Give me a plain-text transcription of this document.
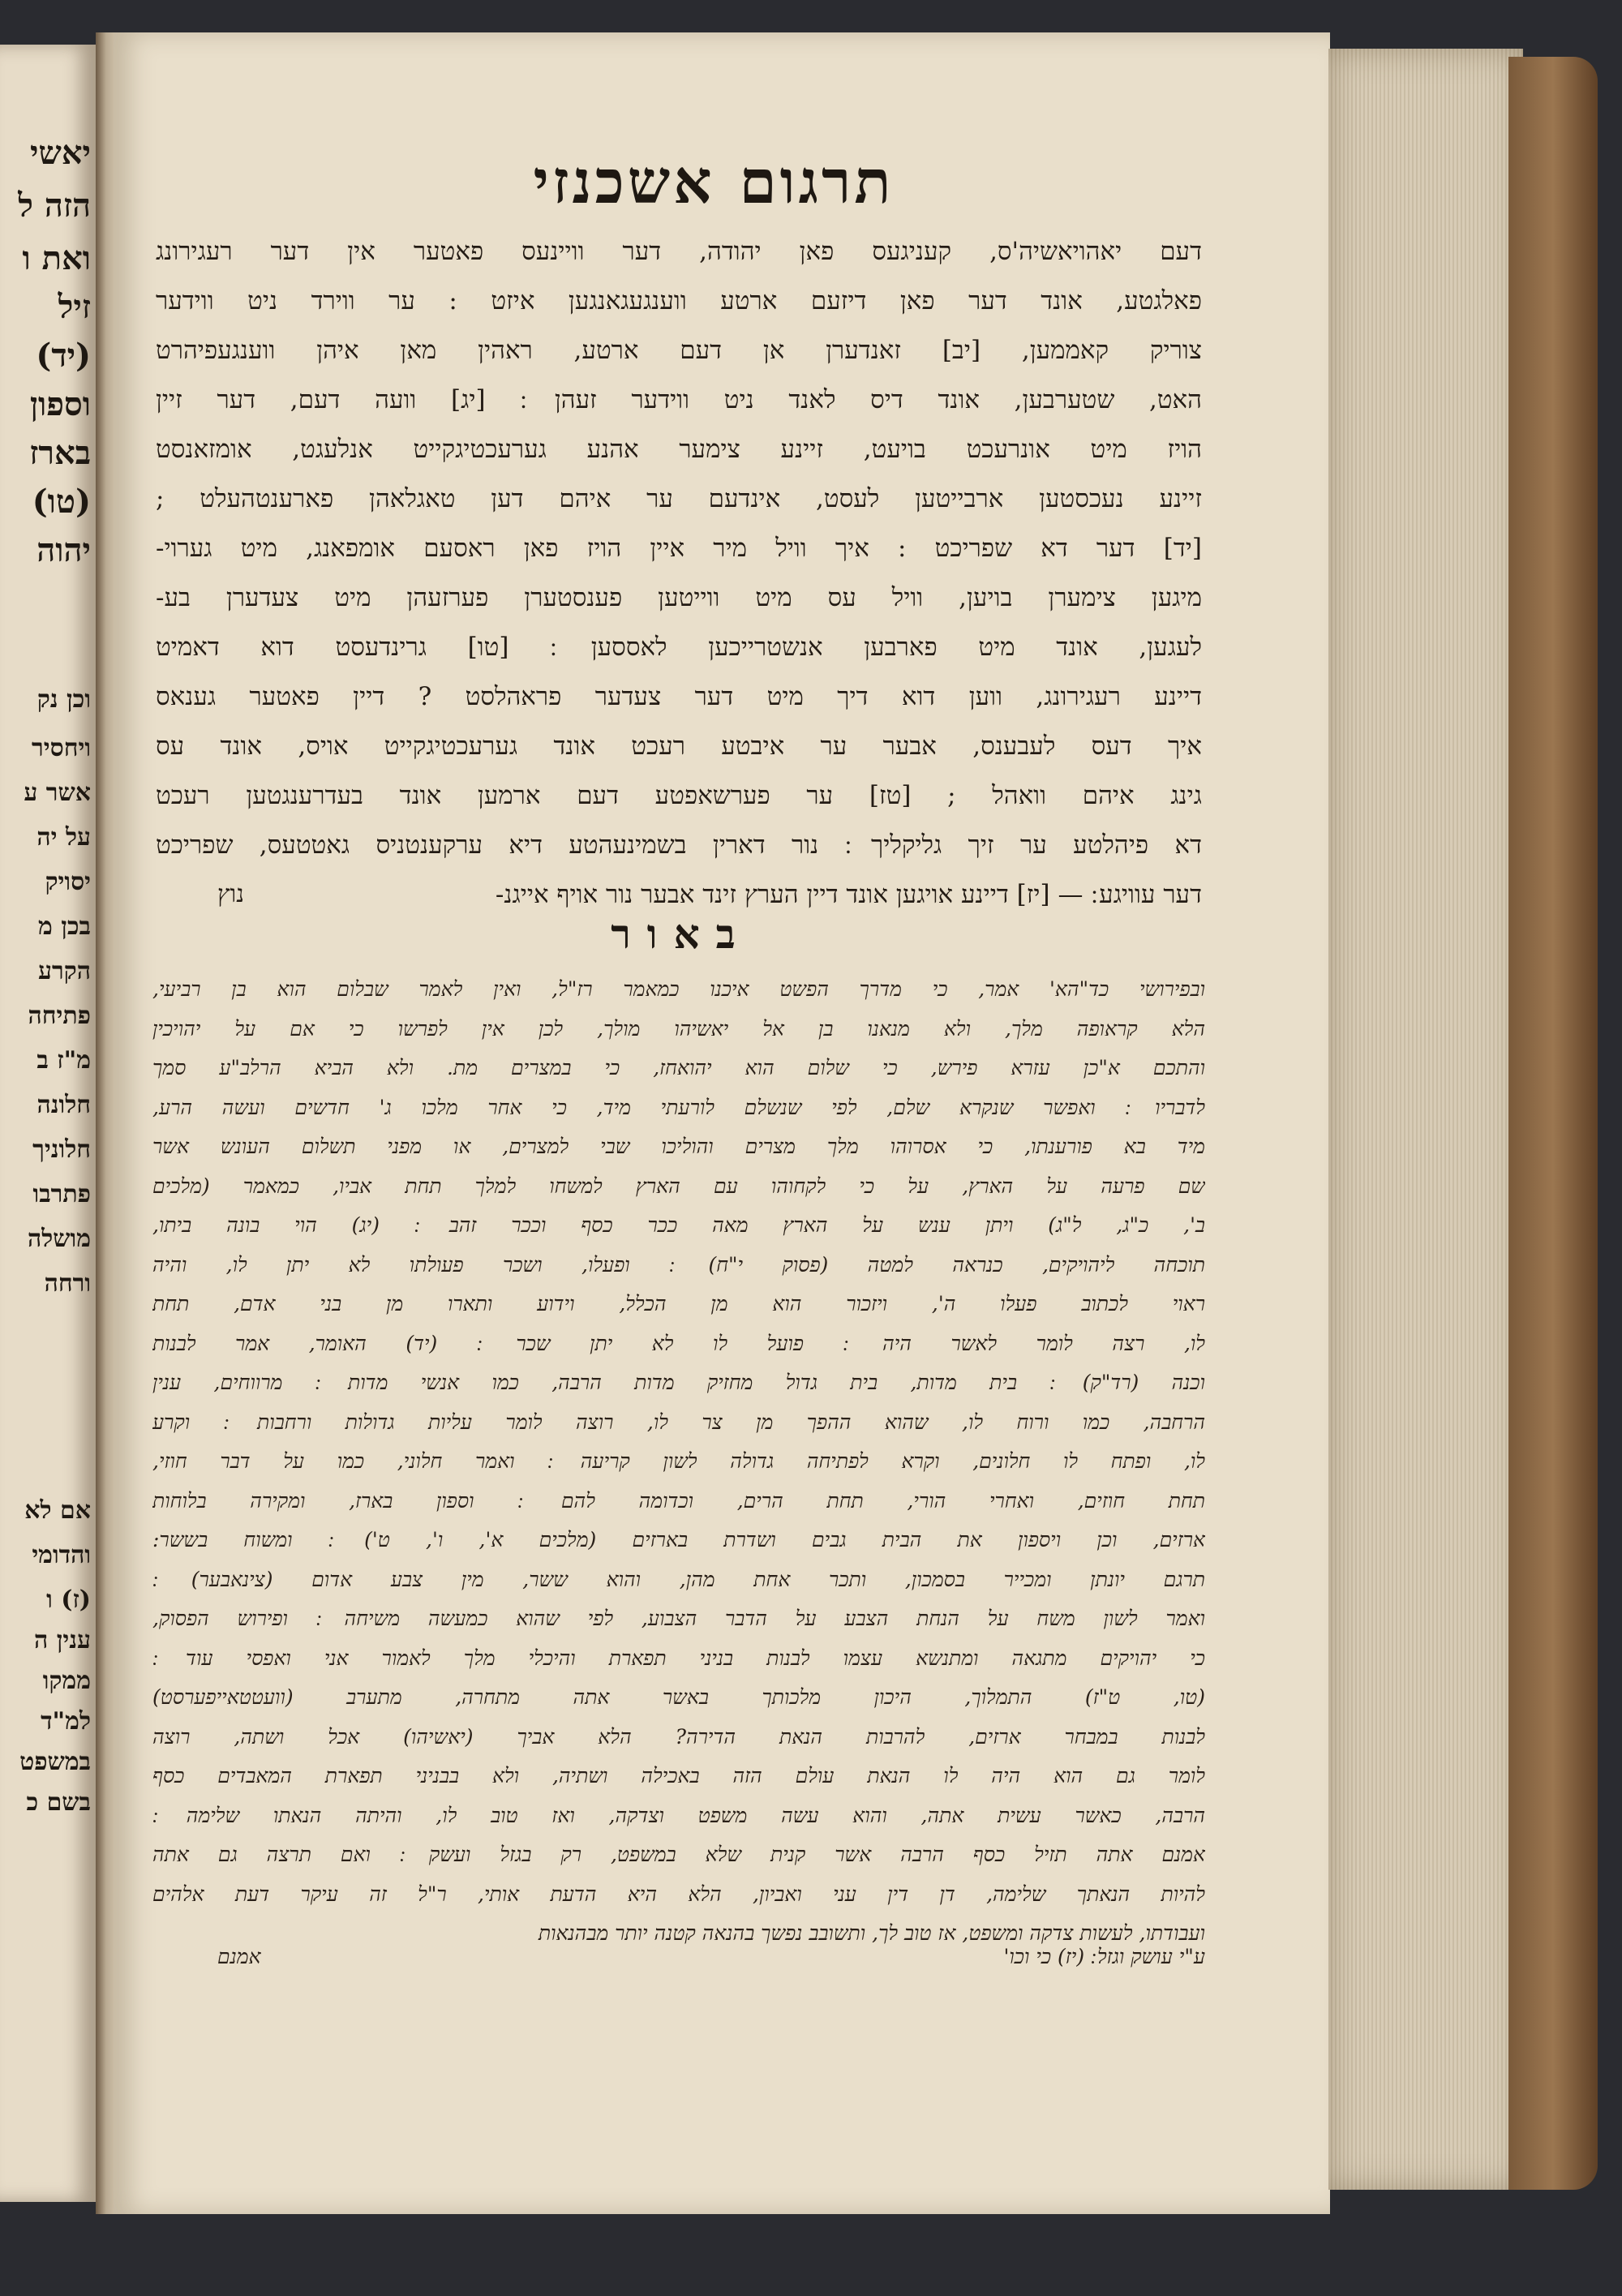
יאשי
הזה ל
ואת ו
זיל
(יד)
וספון
בארז
(טו)
יהוה
וכן נק
ויחסיר
אשר ע
על יה
יסויק
בכן מ
הקרע
פתיחה
מ"ז ב
חלונה
חלוניך
פתרבו
מושלה
ורחה
אם לא
והדומי
(ז) ו
ענין ה
ממקו
למ"ד
במשפט
בשם כ
תרגום אשכנזי
דעם יאהויאשיה'ס, קעניגעס פאן יהודה, דער וויינעס פאטער אין דער רעגירונג
פאלגטע, אונד דער פאן דיזעם ארטע ווענגעגאנגען איזט : ער ווירד ניט ווידער
צוריק קאממען, [יב] זאנדערן אן דעם ארטע, ראהין מאן איהן ווענגעפיהרט
האט, שטערבען, אונד דיס לאנד ניט ווידער זעהן ׃ [יג] וועה דעם, דער זיין
הויז מיט אונרעכט בויעט, זיינע צימער אהנע גערעכטיגקייט אנלעגט, אומזאנסט
זיינע נעכסטען ארבייטען לעסט, אינדעם ער איהם דען טאגלאהן פארענטהעלט ;
[יד] דער דא שפריכט : איך וויל מיר איין הויז פאן ראסעם אומפאנג, מיט גערוי-
מיגען צימערן בויען, וויל עס מיט ווייטען פענסטערן פערזעהן מיט צעדערן בע-
לעגען, אונד מיט פארבען אנשטרייכען לאססען ׃ [טו] גרינדעסט דוא דאמיט
דיינע רעגירונג, ווען דוא דיך מיט דער צעדער פראהלסט ? דיין פאטער גענאס
איך דעס לעבענס, אבער ער איבטע רעכט אונד גערעכטיגקייט אויס, אונד עס
גינג איהם וואהל ; [טז] ער פערשאפטע דעם ארמען אונד בעדרענגטען רעכט
דא פיהלטע ער זיך גליקליך ׃ נור דארין בשמינעהטע דיא ערקענטניס גאטטעס, שפריכט
דער עוויגע ׃ — [יז] דיינע אויגען אונד דיין הערץ זינד אבער נור אויף אייגנ-
נוץ
באור
ובפירושי כד"הא' אמר, כי מדרך הפשט איכנו כמאמר רז"ל, ואין לאמר שבלום הוא בן רביעי,
הלא קראופה מלך, ולא מנאנו בן אל יאשיהו מולך, לכן אין לפרשו כי אם על יהויכין
והתכם א"כן עזרא פירש, כי שלום הוא יהואחז, כי במצרים מת. ולא הביא הרלב"ע סמך
לדבריו ׃ ואפשר שנקרא שלם, לפי שנשלם לורעתי מיד, כי אחר מלכו ג' חדשים ועשה הרע,
מיד בא פורענתו, כי אסרוהו מלך מצרים והוליכו שבי למצרים, או מפני תשלום העונש אשר
שם פרעה על הארץ, על כי לקחוהו עם הארץ למשחו למלך תחת אביו, כמאמר (מלכים
ב', כ"ג, ל"ג) ויתן ענש על הארץ מאה ככר כסף וככר זהב ׃ (יג) הוי בונה ביתו,
תוכחה ליהויקים, כנראה למטה (פסוק י"ח) ׃ ופעלו, ושכר פעולתו לא יתן לו, והיה
ראוי לכתוב פעלו ה', ויזכור הוא מן הכלל, וידוע ותארו מן בני אדם, תחת
לו, רצה לומר לאשר היה ׃ פועל לו לא יתן שכר ׃ (יד) האומר, אמר לבנות
וכנה (רד"ק) ׃ בית מדות, בית גדול מחזיק מדות הרבה, כמו אנשי מדות ׃ מרווחים, ענין
הרחבה, כמו ורוח לו, שהוא ההפך מן צר לו, רוצה לומר עליות גדולות ורחבות ׃ וקרע
לו, ופתח לו חלונים, וקרא לפתיחה גדולה לשון קריעה ׃ ואמר חלוני, כמו על דבר חוזי,
תחת חוזים, ואחרי הורי, תחת הרים, וכדומה להם ׃ וספון בארז, ומקירה בלוחות
ארזים, וכן ויספון את הבית גבים ושדרת בארזים (מלכים א', ו', ט') ׃ ומשוח בששר:
תרגם יונתן ומכייר בסמכון, ותכר אחת מהן, והוא ששר, מין צבע אדום (צינאבער) ׃
ואמר לשון משח על הנחת הצבע על הדבר הצבוע, לפי שהוא כמעשה משיחה ׃ ופירוש הפסוק,
כי יהויקים מתגאה ומתנשא עצמו לבנות בניני תפארת והיכלי מלך לאמור אני ואפסי עוד ׃
(טו, ט"ז) התמלוך, היכון מלכותך באשר אתה מתחרה, מתערב (וועטטאייפערסט)
לבנות במבחר ארזים, להרבות הנאת הדירה? הלא אביך (יאשיהו) אכל ושתה, רוצה
לומר גם הוא היה לו הנאת עולם הזה באכילה ושתיה, ולא בבניני תפארת המאבדים כסף
הרבה, כאשר עשית אתה, והוא עשה משפט וצדקה, ואז טוב לו, והיתה הנאתו שלימה ׃
אמנם אתה תזיל כסף הרבה אשר קנית שלא במשפט, רק בגזל ועשק ׃ ואם תרצה גם אתה
להיות הנאתך שלימה, דן דין עני ואביון, הלא היא הדעת אותי, ר"ל זה עיקר דעת אלהים
ועבודתו, לעשות צדקה ומשפט, אז טוב לך, ותשובב נפשך בהנאה קטנה יותר מבהנאות
ע"י עושק וגזל ׃ (יז) כי וכו'
אמנם
